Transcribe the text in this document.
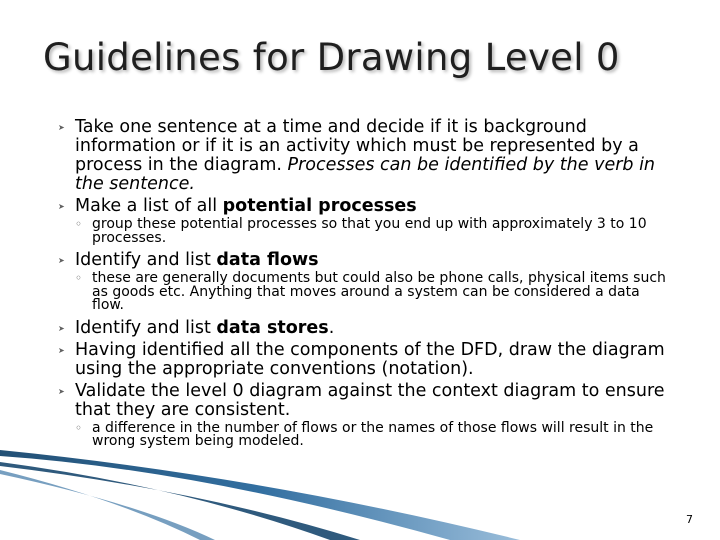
Guidelines for Drawing Level 0
➤ Take one sentence at a time and decide if it is background information or if it is an activity which must be represented by a process in the diagram. Processes can be identified by the verb in the sentence.
➤ Make a list of all potential processes
◦ group these potential processes so that you end up with approximately 3 to 10 processes.
➤ Identify and list data flows
◦ these are generally documents but could also be phone calls, physical items such as goods etc. Anything that moves around a system can be considered a data flow.
➤ Identify and list data stores.
➤ Having identified all the components of the DFD, draw the diagram using the appropriate conventions (notation).
➤ Validate the level 0 diagram against the context diagram to ensure that they are consistent.
◦ a difference in the number of flows or the names of those flows will result in the wrong system being modeled.
7
